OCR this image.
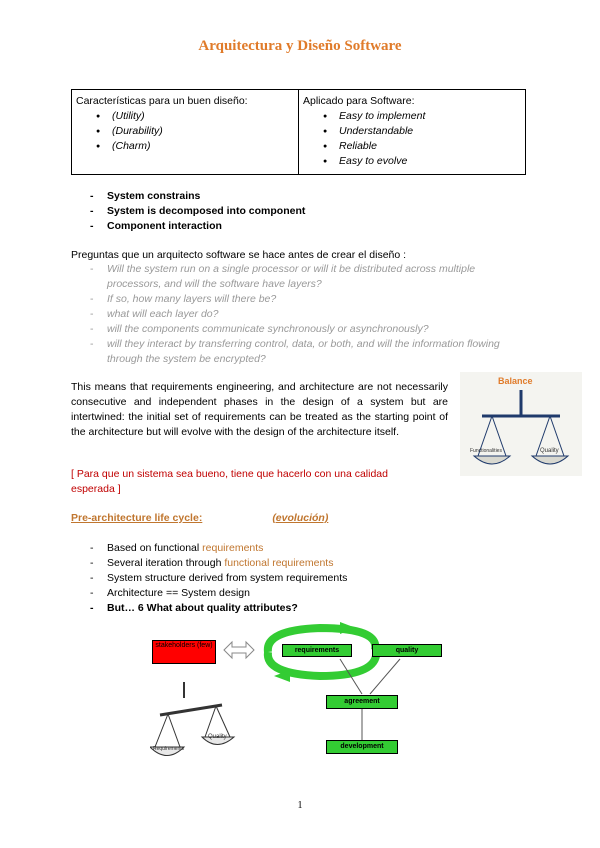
Arquitectura y Diseño Software
Características para un buen diseño:
● (Utility)
● (Durability)
● (Charm)
Aplicado para Software:
● Easy to implement
● Understandable
● Reliable
● Easy to evolve
- System constrains
- System is decomposed into component
- Component interaction
Preguntas que un arquitecto software se hace antes de crear el diseño :
- Will the system run on a single processor or will it be distributed across multiple processors, and will the software have layers?
- If so, how many layers will there be?
- what will each layer do?
- will the components communicate synchronously or asynchronously?
- will they interact by transferring control, data, or both, and will the information flowing through the system be encrypted?
This means that requirements engineering, and architecture are not necessarily consecutive and independent phases in the design of a system but are intertwined: the initial set of requirements can be treated as the starting point of the architecture but will evolve with the design of the architecture itself.
Balance
Functionalities	Quality
[ Para que un sistema sea bueno, tiene que hacerlo con una calidad esperada ]
Pre-architecture life cycle:	(evolución)
- Based on functional requirements
- Several iteration through functional requirements
- System structure derived from system requirements
- Architecture == System design
- But… 6 What about quality attributes?
stakeholders (few)
requirements	quality
agreement
development
Requirements
Quality
1
